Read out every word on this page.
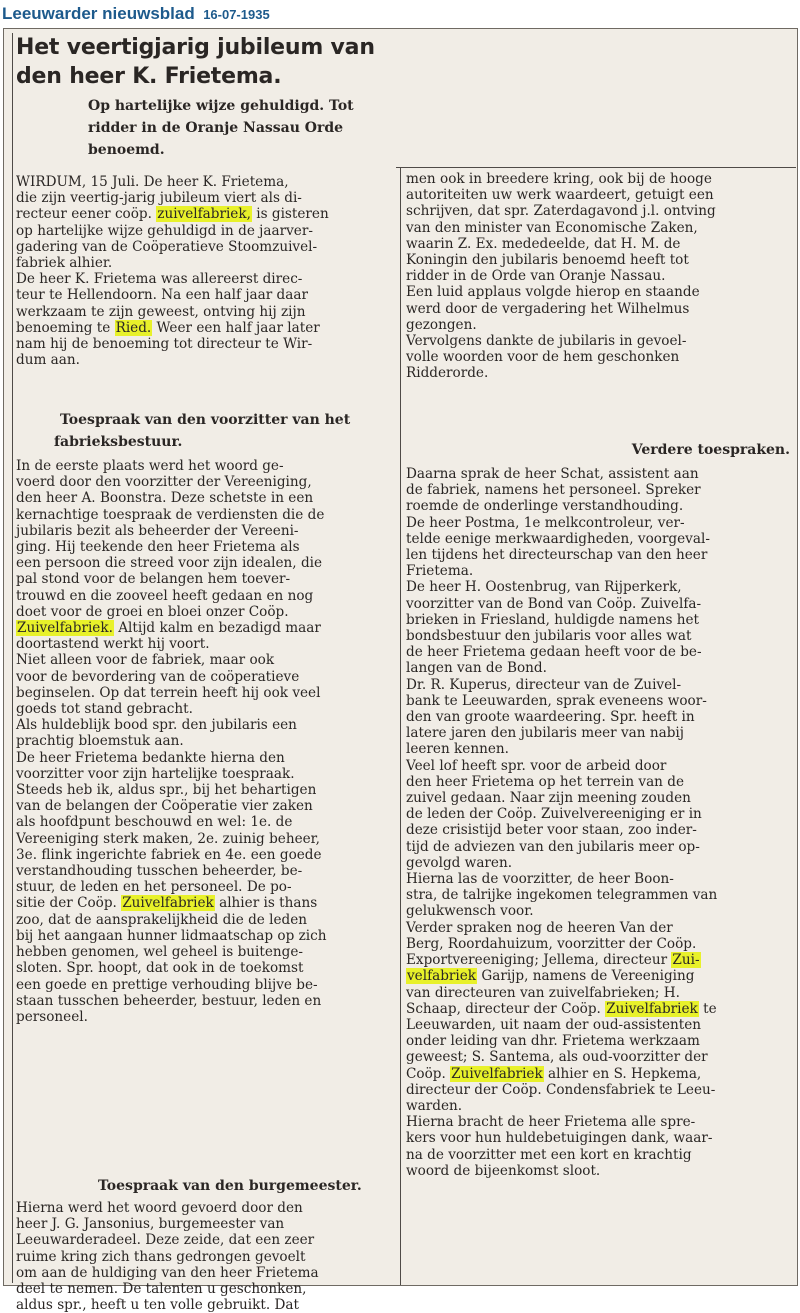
Leeuwarder nieuwsblad 16-07-1935
Het veertigjarig jubileum van
den heer K. Frietema.
Op hartelijke wijze gehuldigd. Tot
ridder in de Oranje Nassau Orde
benoemd.
WIRDUM, 15 Juli. De heer K. Frietema,
die zijn veertig-jarig jubileum viert als di-
recteur eener coöp. zuivelfabriek, is gisteren
op hartelijke wijze gehuldigd in de jaarver-
gadering van de Coöperatieve Stoomzuivel-
fabriek alhier.
De heer K. Frietema was allereerst direc-
teur te Hellendoorn. Na een half jaar daar
werkzaam te zijn geweest, ontving hij zijn
benoeming te Ried. Weer een half jaar later
nam hij de benoeming tot directeur te Wir-
dum aan.
Toespraak van den voorzitter van het
fabrieksbestuur.
In de eerste plaats werd het woord ge-
voerd door den voorzitter der Vereeniging,
den heer A. Boonstra. Deze schetste in een
kernachtige toespraak de verdiensten die de
jubilaris bezit als beheerder der Vereeni-
ging. Hij teekende den heer Frietema als
een persoon die streed voor zijn idealen, die
pal stond voor de belangen hem toever-
trouwd en die zooveel heeft gedaan en nog
doet voor de groei en bloei onzer Coöp.
Zuivelfabriek. Altijd kalm en bezadigd maar
doortastend werkt hij voort.
Niet alleen voor de fabriek, maar ook
voor de bevordering van de coöperatieve
beginselen. Op dat terrein heeft hij ook veel
goeds tot stand gebracht.
Als huldeblijk bood spr. den jubilaris een
prachtig bloemstuk aan.
De heer Frietema bedankte hierna den
voorzitter voor zijn hartelijke toespraak.
Steeds heb ik, aldus spr., bij het behartigen
van de belangen der Coöperatie vier zaken
als hoofdpunt beschouwd en wel: 1e. de
Vereeniging sterk maken, 2e. zuinig beheer,
3e. flink ingerichte fabriek en 4e. een goede
verstandhouding tusschen beheerder, be-
stuur, de leden en het personeel. De po-
sitie der Coöp. Zuivelfabriek alhier is thans
zoo, dat de aansprakelijkheid die de leden
bij het aangaan hunner lidmaatschap op zich
hebben genomen, wel geheel is buitenge-
sloten. Spr. hoopt, dat ook in de toekomst
een goede en prettige verhouding blijve be-
staan tusschen beheerder, bestuur, leden en
personeel.
Toespraak van den burgemeester.
Hierna werd het woord gevoerd door den
heer J. G. Jansonius, burgemeester van
Leeuwarderadeel. Deze zeide, dat een zeer
ruime kring zich thans gedrongen gevoelt
om aan de huldiging van den heer Frietema
deel te nemen. De talenten u geschonken,
aldus spr., heeft u ten volle gebruikt. Dat
men ook in breedere kring, ook bij de hooge
autoriteiten uw werk waardeert, getuigt een
schrijven, dat spr. Zaterdagavond j.l. ontving
van den minister van Economische Zaken,
waarin Z. Ex. mededeelde, dat H. M. de
Koningin den jubilaris benoemd heeft tot
ridder in de Orde van Oranje Nassau.
Een luid applaus volgde hierop en staande
werd door de vergadering het Wilhelmus
gezongen.
Vervolgens dankte de jubilaris in gevoel-
volle woorden voor de hem geschonken
Ridderorde.
Verdere toespraken.
Daarna sprak de heer Schat, assistent aan
de fabriek, namens het personeel. Spreker
roemde de onderlinge verstandhouding.
De heer Postma, 1e melkcontroleur, ver-
telde eenige merkwaardigheden, voorgeval-
len tijdens het directeurschap van den heer
Frietema.
De heer H. Oostenbrug, van Rijperkerk,
voorzitter van de Bond van Coöp. Zuivelfa-
brieken in Friesland, huldigde namens het
bondsbestuur den jubilaris voor alles wat
de heer Frietema gedaan heeft voor de be-
langen van de Bond.
Dr. R. Kuperus, directeur van de Zuivel-
bank te Leeuwarden, sprak eveneens woor-
den van groote waardeering. Spr. heeft in
latere jaren den jubilaris meer van nabij
leeren kennen.
Veel lof heeft spr. voor de arbeid door
den heer Frietema op het terrein van de
zuivel gedaan. Naar zijn meening zouden
de leden der Coöp. Zuivelvereeniging er in
deze crisistijd beter voor staan, zoo inder-
tijd de adviezen van den jubilaris meer op-
gevolgd waren.
Hierna las de voorzitter, de heer Boon-
stra, de talrijke ingekomen telegrammen van
gelukwensch voor.
Verder spraken nog de heeren Van der
Berg, Roordahuizum, voorzitter der Coöp.
Exportvereeniging; Jellema, directeur Zui-
velfabriek Garijp, namens de Vereeniging
van directeuren van zuivelfabrieken; H.
Schaap, directeur der Coöp. Zuivelfabriek te
Leeuwarden, uit naam der oud-assistenten
onder leiding van dhr. Frietema werkzaam
geweest; S. Santema, als oud-voorzitter der
Coöp. Zuivelfabriek alhier en S. Hepkema,
directeur der Coöp. Condensfabriek te Leeu-
warden.
Hierna bracht de heer Frietema alle spre-
kers voor hun huldebetuigingen dank, waar-
na de voorzitter met een kort en krachtig
woord de bijeenkomst sloot.
